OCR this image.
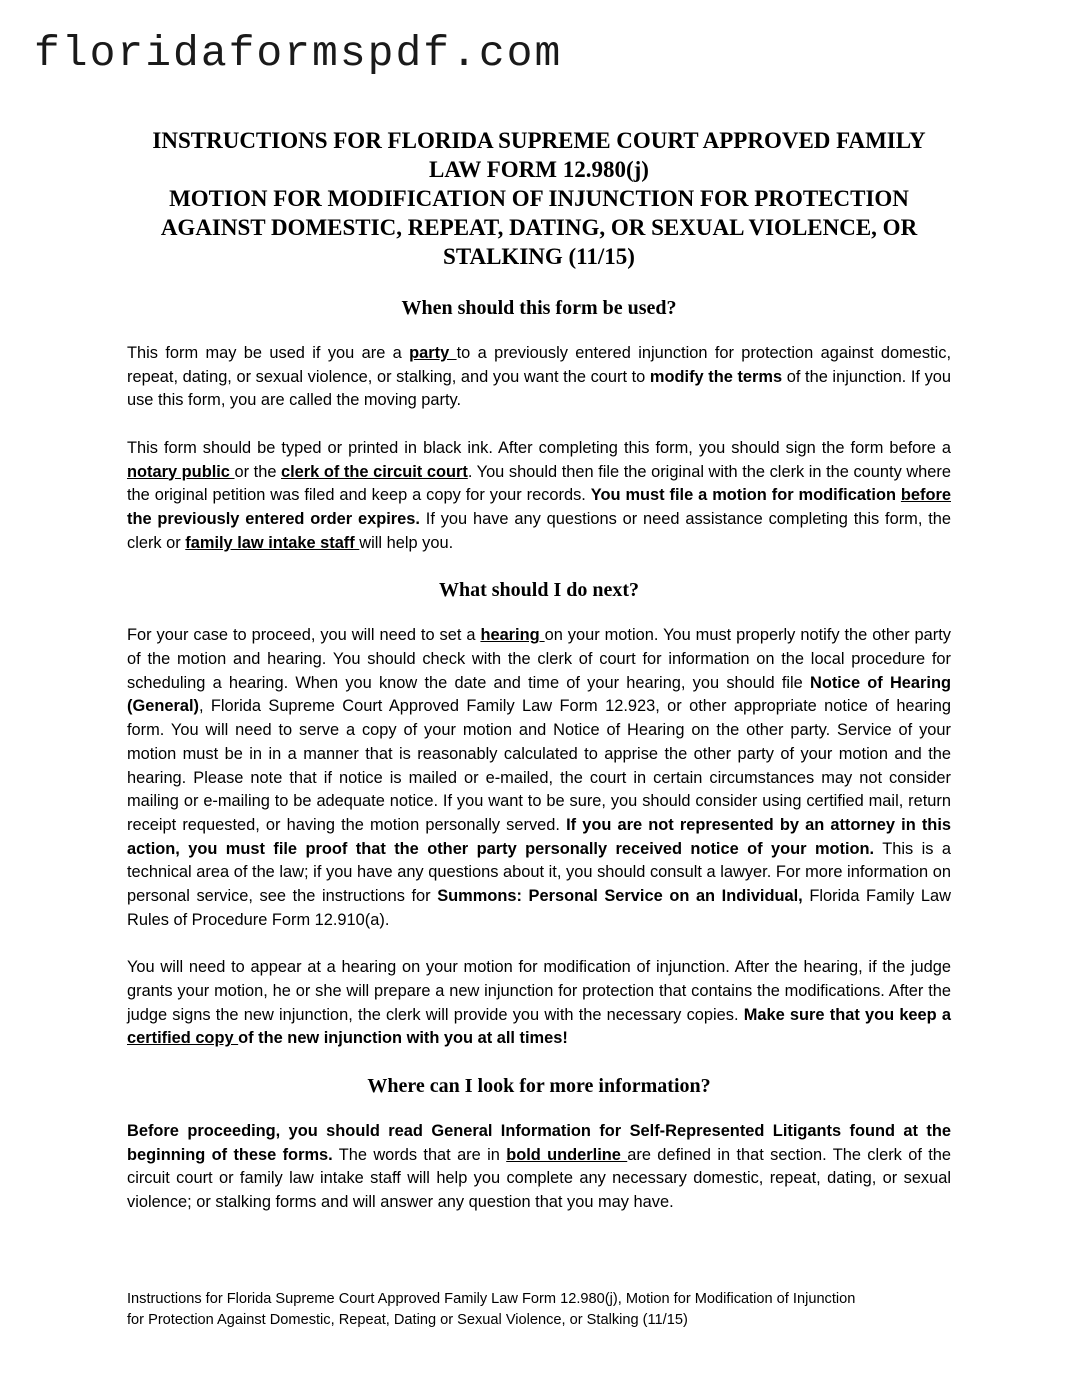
floridaformspdf.com
INSTRUCTIONS FOR FLORIDA SUPREME COURT APPROVED FAMILY
LAW FORM 12.980(j)
MOTION FOR MODIFICATION OF INJUNCTION FOR PROTECTION
AGAINST DOMESTIC, REPEAT, DATING, OR SEXUAL VIOLENCE, OR
STALKING (11/15)
When should this form be used?

This form may be used if you are a party to a previously entered injunction for protection against domestic, repeat, dating, or sexual violence, or stalking, and you want the court to modify the terms of the injunction. If you use this form, you are called the moving party.

This form should be typed or printed in black ink. After completing this form, you should sign the form before a notary public or the clerk of the circuit court. You should then file the original with the clerk in the county where the original petition was filed and keep a copy for your records. You must file a motion for modification before the previously entered order expires. If you have any questions or need assistance completing this form, the clerk or family law intake staff will help you.

What should I do next?

For your case to proceed, you will need to set a hearing on your motion. You must properly notify the other party of the motion and hearing. You should check with the clerk of court for information on the local procedure for scheduling a hearing. When you know the date and time of your hearing, you should file Notice of Hearing (General), Florida Supreme Court Approved Family Law Form 12.923, or other appropriate notice of hearing form. You will need to serve a copy of your motion and Notice of Hearing on the other party. Service of your motion must be in in a manner that is reasonably calculated to apprise the other party of your motion and the hearing. Please note that if notice is mailed or e-mailed, the court in certain circumstances may not consider mailing or e-mailing to be adequate notice. If you want to be sure, you should consider using certified mail, return receipt requested, or having the motion personally served. If you are not represented by an attorney in this action, you must file proof that the other party personally received notice of your motion. This is a technical area of the law; if you have any questions about it, you should consult a lawyer. For more information on personal service, see the instructions for Summons: Personal Service on an Individual, Florida Family Law Rules of Procedure Form 12.910(a).

You will need to appear at a hearing on your motion for modification of injunction. After the hearing, if the judge grants your motion, he or she will prepare a new injunction for protection that contains the modifications. After the judge signs the new injunction, the clerk will provide you with the necessary copies. Make sure that you keep a certified copy of the new injunction with you at all times!

Where can I look for more information?

Before proceeding, you should read General Information for Self-Represented Litigants found at the beginning of these forms. The words that are in bold underline are defined in that section. The clerk of the circuit court or family law intake staff will help you complete any necessary domestic, repeat, dating, or sexual violence; or stalking forms and will answer any question that you may have.

Instructions for Florida Supreme Court Approved Family Law Form 12.980(j), Motion for Modification of Injunction
for Protection Against Domestic, Repeat, Dating or Sexual Violence, or Stalking (11/15)
